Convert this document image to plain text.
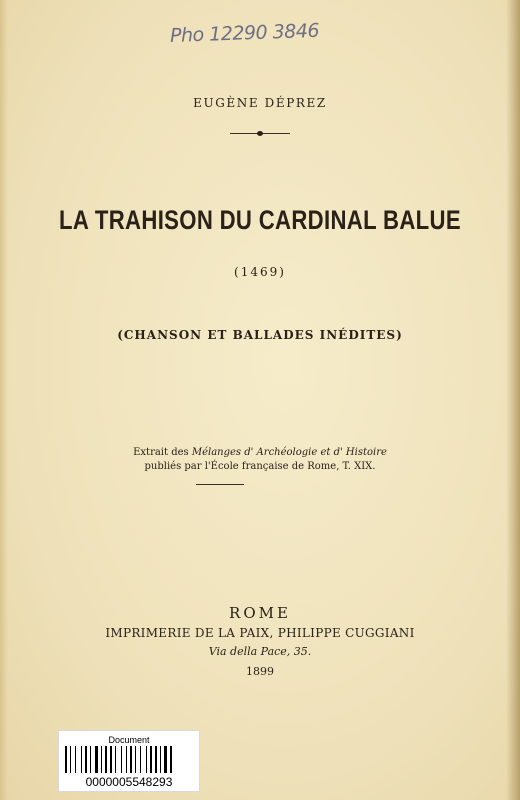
Pho 12290 3846
EUGÈNE DÉPREZ
LA TRAHISON DU CARDINAL BALUE
(1469)
(CHANSON ET BALLADES INÉDITES)
Extrait des Mélanges d' Archéologie et d' Histoire
publiés par l'École française de Rome, T. XIX.
ROME
IMPRIMERIE DE LA PAIX, PHILIPPE CUGGIANI
Via della Pace, 35.
1899
Document
0000005548293
